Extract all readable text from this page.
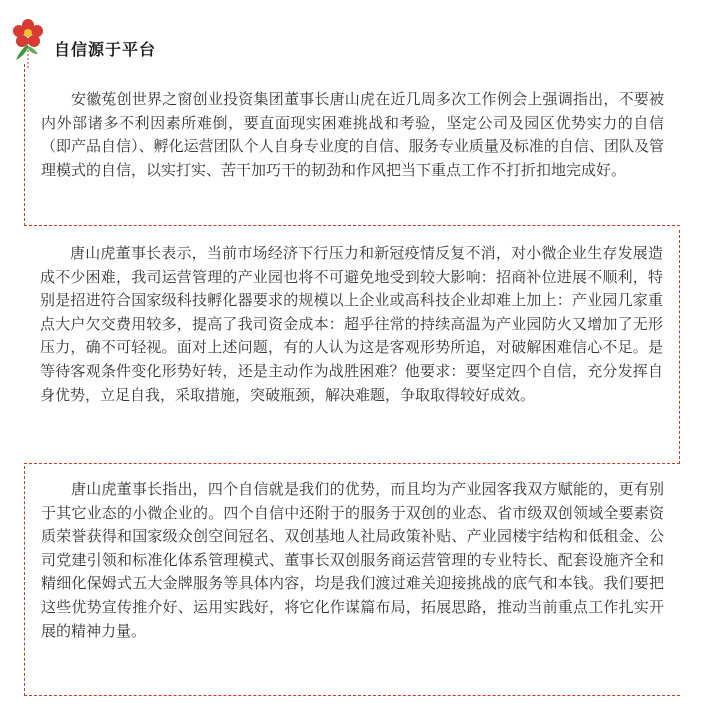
自信源于平台

安徽菟创世界之窗创业投资集团董事长唐山虎在近几周多次工作例会上强调指出，不要被内外部诸多不利因素所难倒，要直面现实困难挑战和考验，坚定公司及园区优势实力的自信（即产品自信）、孵化运营团队个人自身专业度的自信、服务专业质量及标准的自信、团队及管理模式的自信，以实打实、苦干加巧干的韧劲和作风把当下重点工作不打折扣地完成好。

唐山虎董事长表示，当前市场经济下行压力和新冠疫情反复不消，对小微企业生存发展造成不少困难，我司运营管理的产业园也将不可避免地受到较大影响：招商补位进展不顺利，特别是招进符合国家级科技孵化器要求的规模以上企业或高科技企业却难上加上：产业园几家重点大户欠交费用较多，提高了我司资金成本：超乎往常的持续高温为产业园防火又增加了无形压力，确不可轻视。面对上述问题，有的人认为这是客观形势所追，对破解困难信心不足。是等待客观条件变化形势好转，还是主动作为战胜困难？他要求：要坚定四个自信，充分发挥自身优势，立足自我，采取措施，突破瓶颈，解决难题，争取取得较好成效。

唐山虎董事长指出，四个自信就是我们的优势，而且均为产业园客我双方赋能的，更有别于其它业态的小微企业的。四个自信中还附于的服务于双创的业态、省市级双创领域全要素资质荣誉获得和国家级众创空间冠名、双创基地人社局政策补贴、产业园楼宇结构和低租金、公司党建引领和标准化体系管理模式、董事长双创服务商运营管理的专业特长、配套设施齐全和精细化保姆式五大金牌服务等具体内容，均是我们渡过难关迎接挑战的底气和本钱。我们要把这些优势宣传推介好、运用实践好，将它化作谋篇布局，拓展思路，推动当前重点工作扎实开展的精神力量。
